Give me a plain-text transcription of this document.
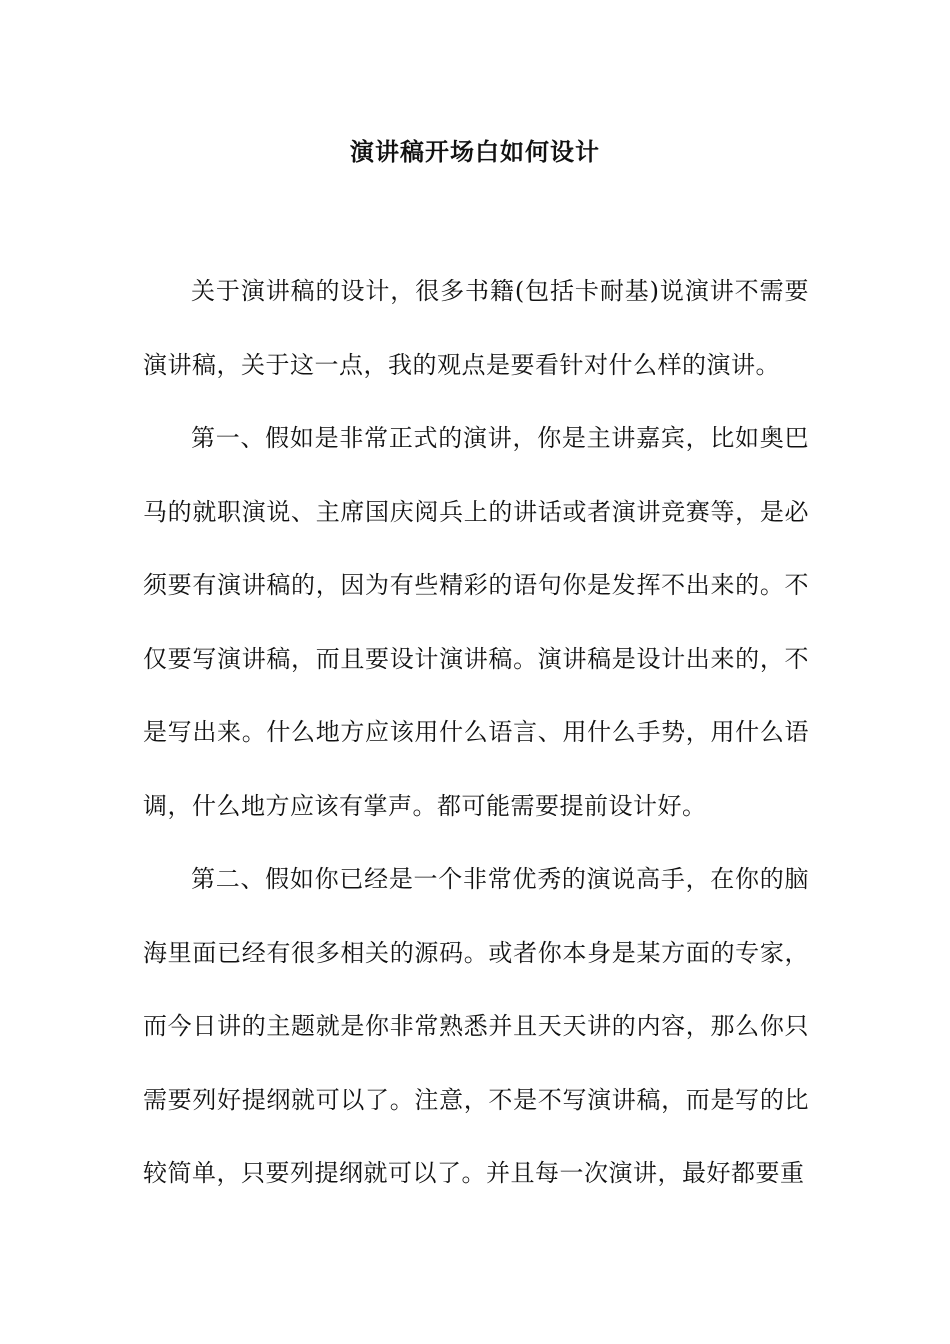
演讲稿开场白如何设计

关于演讲稿的设计，很多书籍(包括卡耐基)说演讲不需要演讲稿，关于这一点，我的观点是要看针对什么样的演讲。

第一、假如是非常正式的演讲，你是主讲嘉宾，比如奥巴马的就职演说、主席国庆阅兵上的讲话或者演讲竞赛等，是必须要有演讲稿的，因为有些精彩的语句你是发挥不出来的。不仅要写演讲稿，而且要设计演讲稿。演讲稿是设计出来的，不是写出来。什么地方应该用什么语言、用什么手势，用什么语调，什么地方应该有掌声。都可能需要提前设计好。

第二、假如你已经是一个非常优秀的演说高手，在你的脑海里面已经有很多相关的源码。或者你本身是某方面的专家，而今日讲的主题就是你非常熟悉并且天天讲的内容，那么你只需要列好提纲就可以了。注意，不是不写演讲稿，而是写的比较简单，只要列提纲就可以了。并且每一次演讲，最好都要重
